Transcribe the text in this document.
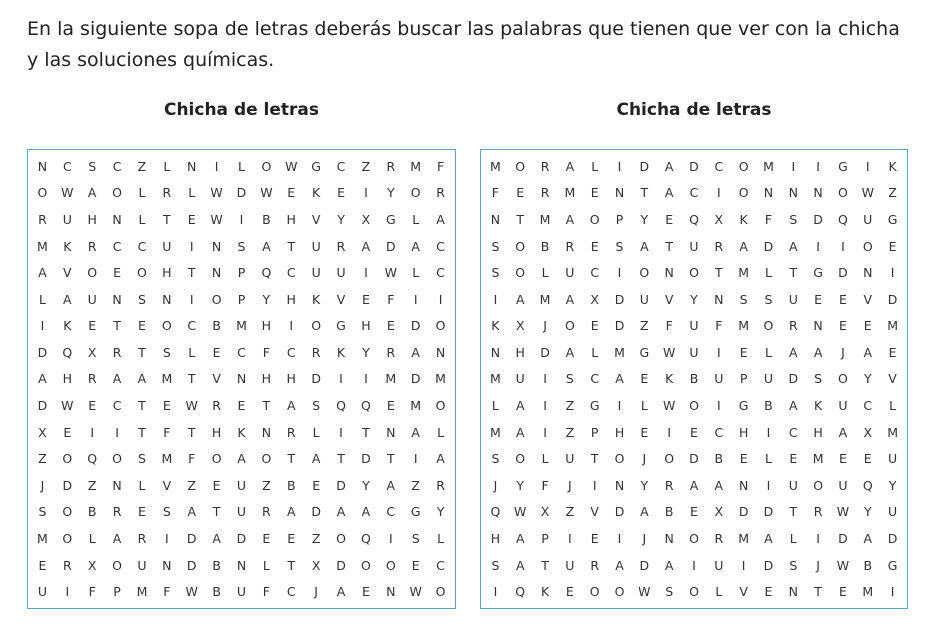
En la siguiente sopa de letras deberás buscar las palabras que tienen que ver con la chicha y las soluciones químicas.

Chicha de letras
N	C	S	C	Z	L	N	I	L	O	W	G	C	Z	R	M	F
O	W	A	O	L	R	L	W	D	W	E	K	E	I	Y	O	R
R	U	H	N	L	T	E	W	I	B	H	V	Y	X	G	L	A
M	K	R	C	C	U	I	N	S	A	T	U	R	A	D	A	C
A	V	O	E	O	H	T	N	P	Q	C	U	U	I	W	L	C
L	A	U	N	S	N	I	O	P	Y	H	K	V	E	F	I	I
I	K	E	T	E	O	C	B	M	H	I	O	G	H	E	D	O
D	Q	X	R	T	S	L	E	C	F	C	R	K	Y	R	A	N
A	H	R	A	A	M	T	V	N	H	H	D	I	I	M	D	M
D	W	E	C	T	E	W	R	E	T	A	S	Q	Q	E	M	O
X	E	I	I	T	F	T	H	K	N	R	L	I	T	N	A	L
Z	O	Q	O	S	M	F	O	A	O	T	A	T	D	T	I	A
J	D	Z	N	L	V	Z	E	U	Z	B	E	D	Y	A	Z	R
S	O	B	R	E	S	A	T	U	R	A	D	A	A	C	G	Y
M	O	L	A	R	I	D	A	D	E	E	Z	O	Q	I	S	L
E	R	X	O	U	N	D	B	N	L	T	X	D	O	O	E	C
U	I	F	P	M	F	W	B	U	F	C	J	A	E	N	W	O
Chicha de letras
M	O	R	A	L	I	D	A	D	C	O	M	I	I	G	I	K
F	E	R	M	E	N	T	A	C	I	O	N	N	N	O	W	Z
N	T	M	A	O	P	Y	E	Q	X	K	F	S	D	Q	U	G
S	O	B	R	E	S	A	T	U	R	A	D	A	I	I	O	E
S	O	L	U	C	I	O	N	O	T	M	L	T	G	D	N	I
I	A	M	A	X	D	U	V	Y	N	S	S	U	E	E	V	D
K	X	J	O	E	D	Z	F	U	F	M	O	R	N	E	E	M
N	H	D	A	L	M	G	W	U	I	E	L	A	A	J	A	E
M	U	I	S	C	A	E	K	B	U	P	U	D	S	O	Y	V
L	A	I	Z	G	I	L	W	O	I	G	B	A	K	U	C	L
M	A	I	Z	P	H	E	I	E	C	H	I	C	H	A	X	M
S	O	L	U	T	O	J	O	D	B	E	L	E	M	E	E	U
J	Y	F	J	I	N	Y	R	A	A	N	I	U	O	U	Q	Y
Q	W	X	Z	V	D	A	B	E	X	D	D	T	R	W	Y	U
H	A	P	I	E	I	J	N	O	R	M	A	L	I	D	A	D
S	A	T	U	R	A	D	A	I	U	I	D	S	J	W	B	G
I	Q	K	E	O	O	W	S	O	L	V	E	N	T	E	M	I
